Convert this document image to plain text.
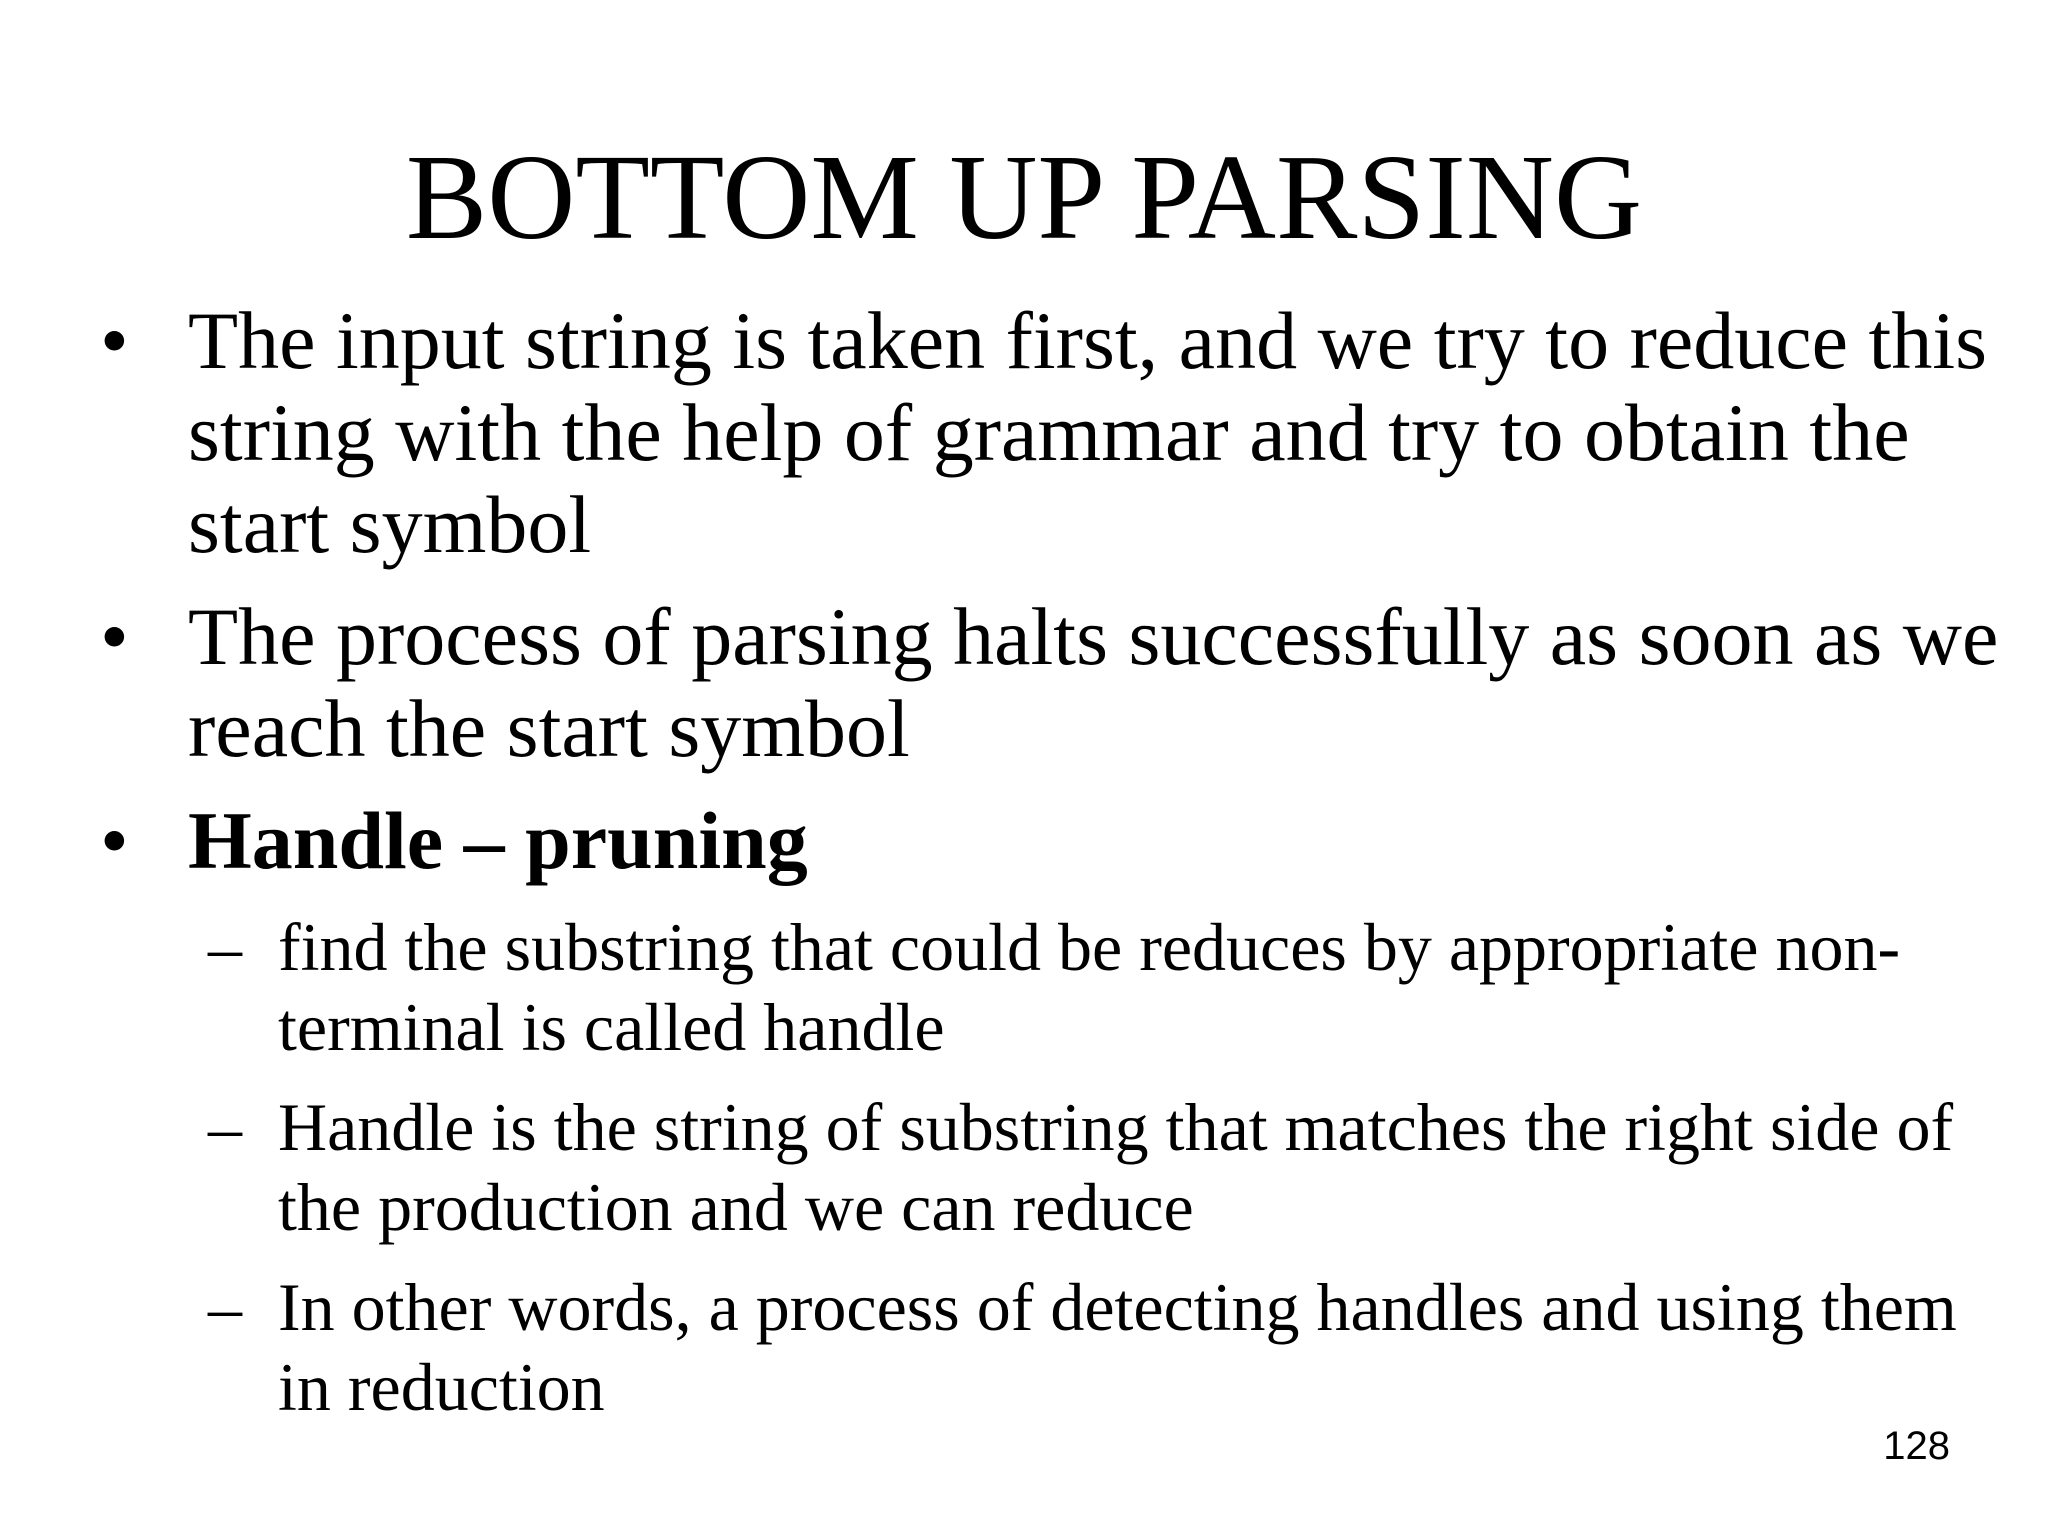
BOTTOM UP PARSING
• The input string is taken first, and we try to reduce this string with the help of grammar and try to obtain the start symbol
• The process of parsing halts successfully as soon as we reach the start symbol
• Handle – pruning
– find the substring that could be reduces by appropriate non-terminal is called handle
– Handle is the string of substring that matches the right side of the production and we can reduce
– In other words, a process of detecting handles and using them in reduction
128
